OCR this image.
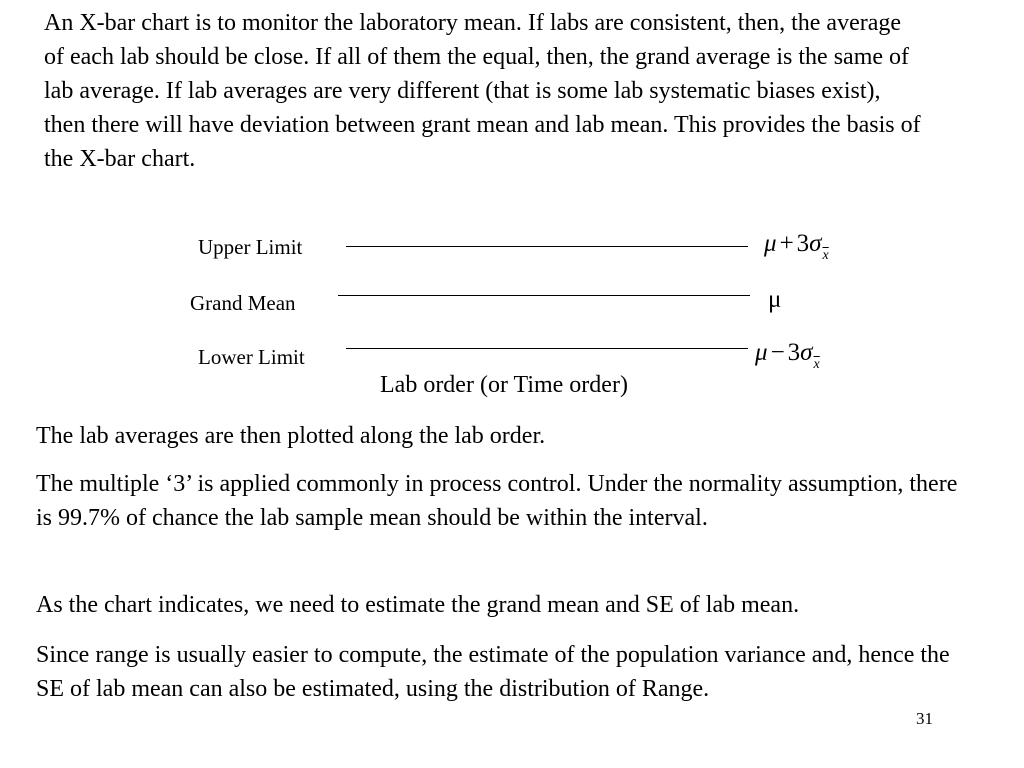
An X-bar chart is to monitor the laboratory mean. If labs are consistent, then, the average of each lab should be close. If all of them the equal, then, the grand average is the same of lab average. If lab averages are very different (that is some lab systematic biases exist), then there will have deviation between grant mean and lab mean. This provides the basis of the X-bar chart.

Upper Limit	$\mu + 3\sigma_{\overline{x}}$
Grand Mean	μ
Lower Limit	$\mu - 3\sigma_{\overline{x}}$
Lab order (or Time order)

The lab averages are then plotted along the lab order.

The multiple ‘3’ is applied commonly in process control. Under the normality assumption, there is 99.7% of chance the lab sample mean should be within the interval.

As the chart indicates, we need to estimate the grand mean and SE of lab mean.

Since range is usually easier to compute, the estimate of the population variance and, hence the SE of lab mean can also be estimated, using the distribution of Range.

31
